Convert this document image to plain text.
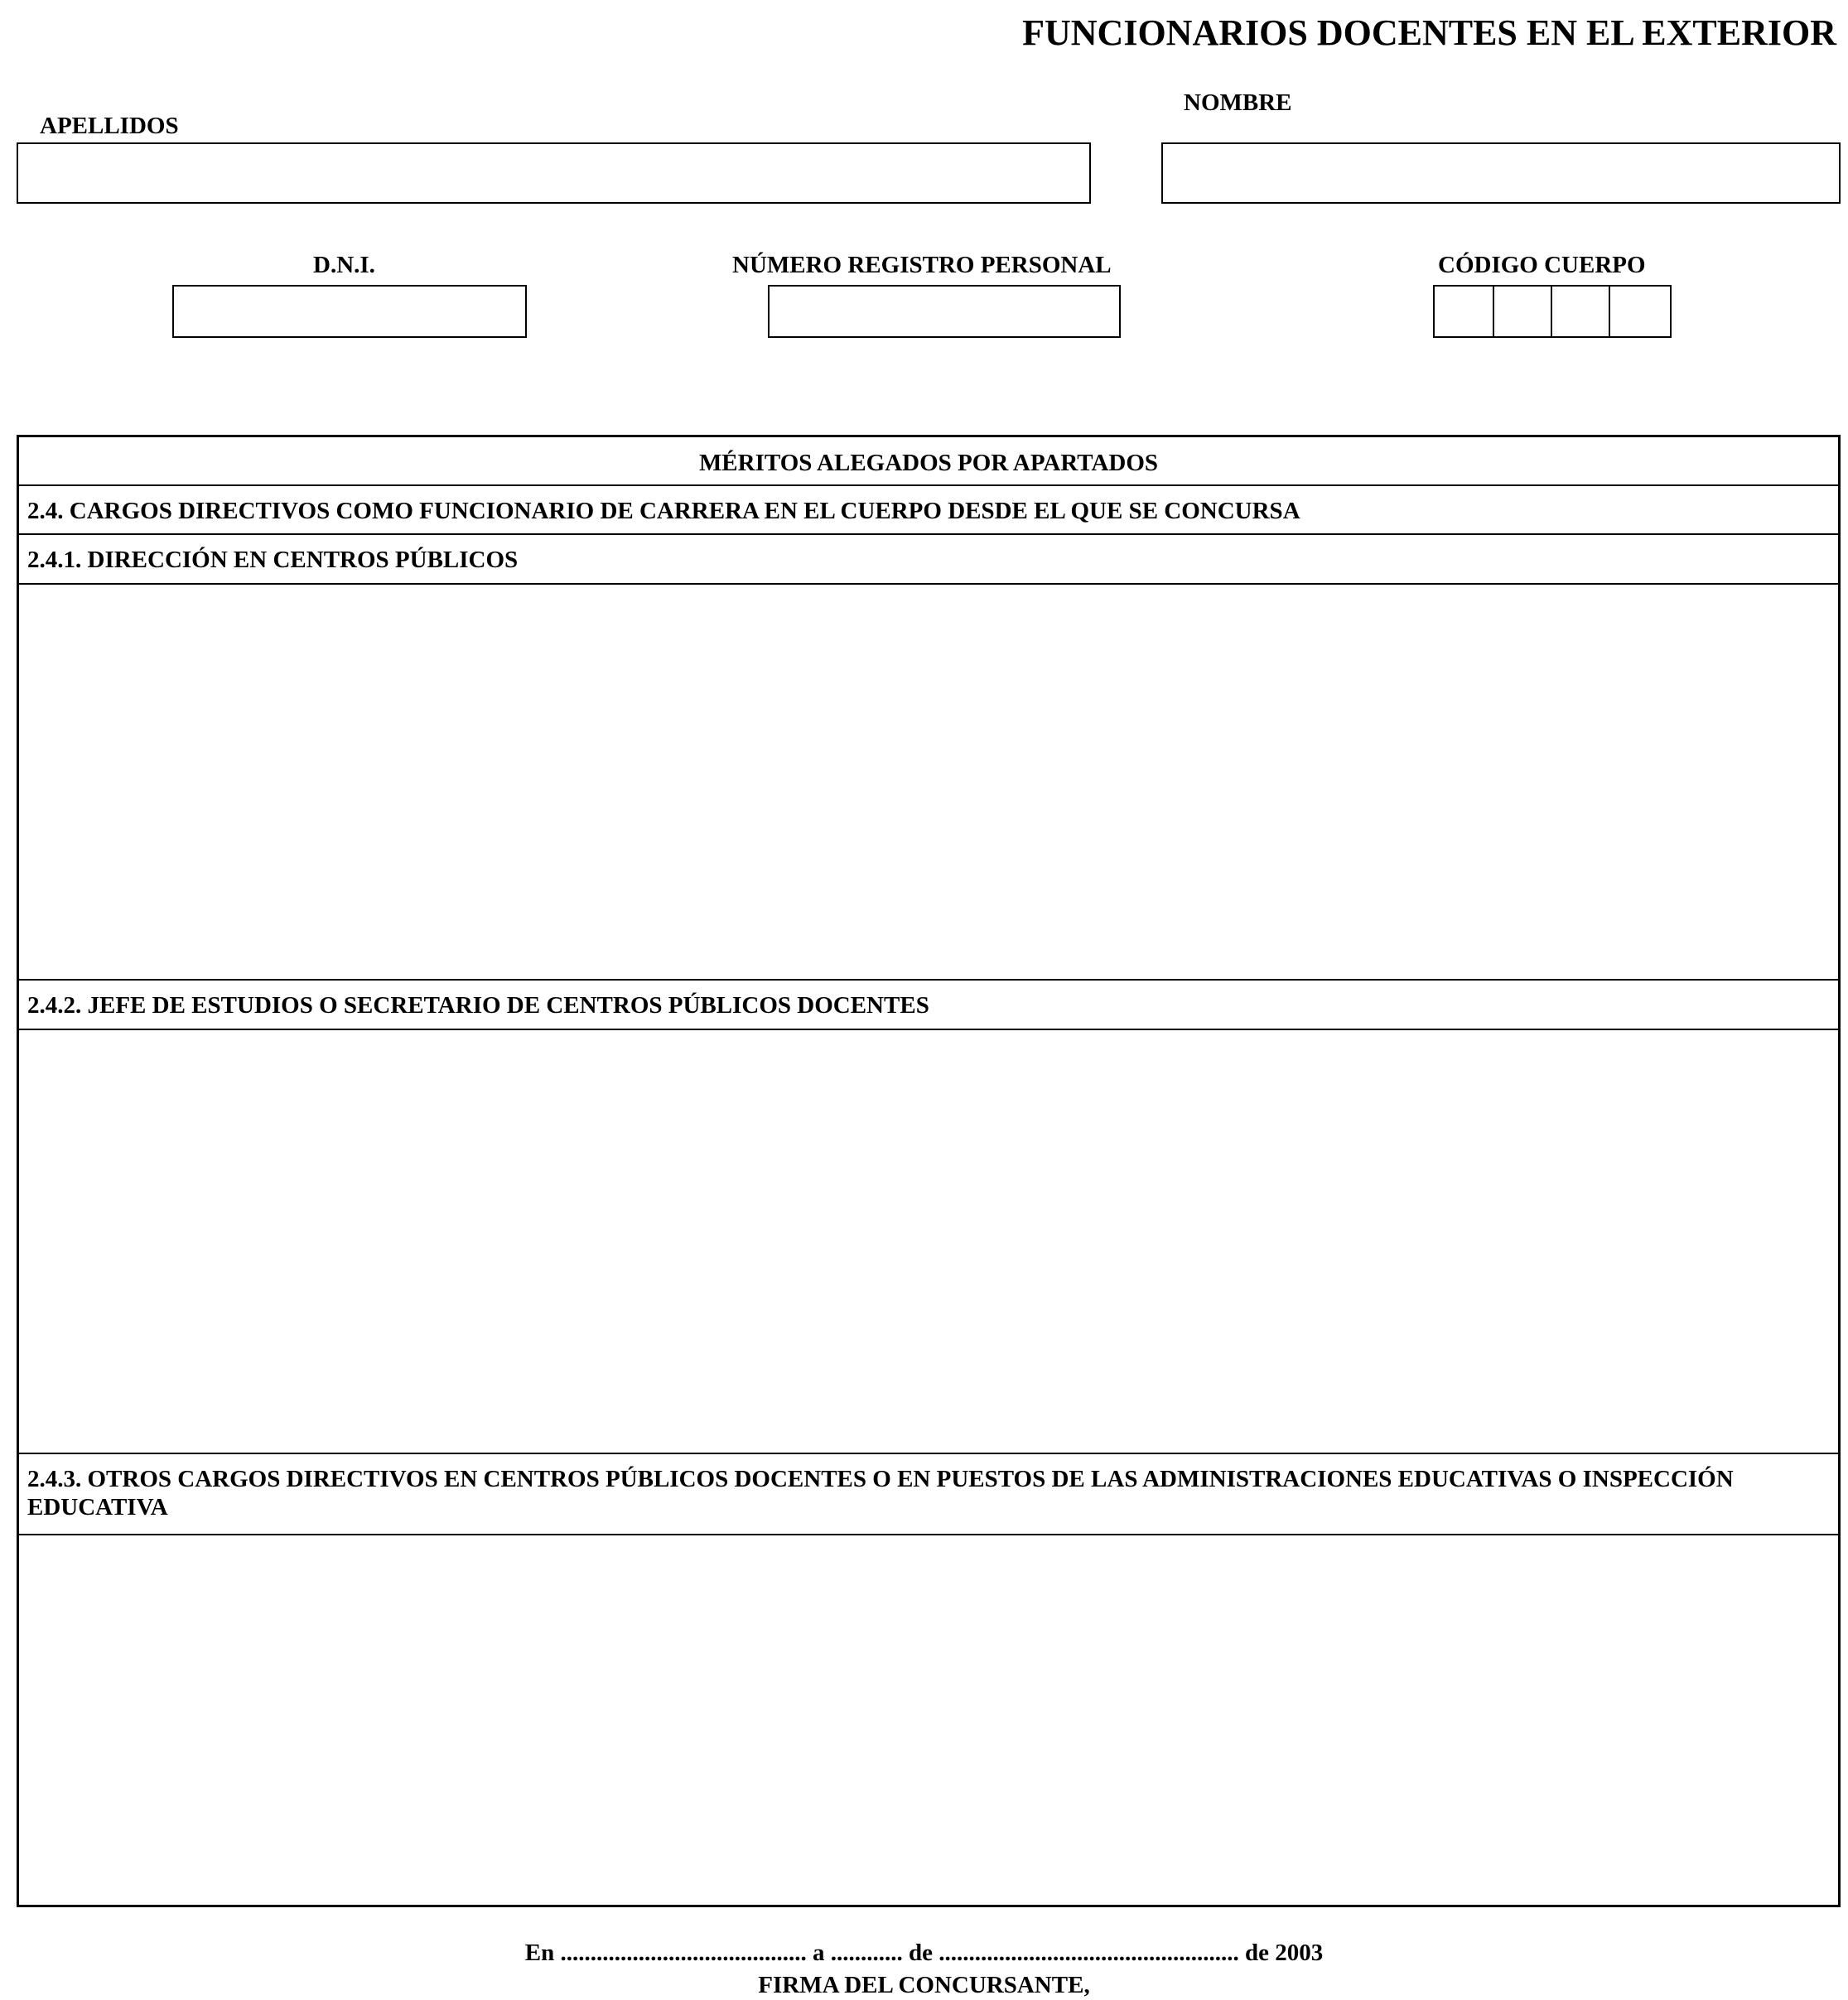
FUNCIONARIOS DOCENTES EN EL EXTERIOR
APELLIDOS
NOMBRE
D.N.I.	NÚMERO REGISTRO PERSONAL	CÓDIGO CUERPO
MÉRITOS ALEGADOS POR APARTADOS
2.4. CARGOS DIRECTIVOS COMO FUNCIONARIO DE CARRERA EN EL CUERPO DESDE EL QUE SE CONCURSA
2.4.1. DIRECCIÓN EN CENTROS PÚBLICOS
2.4.2. JEFE DE ESTUDIOS O SECRETARIO DE CENTROS PÚBLICOS DOCENTES
2.4.3. OTROS CARGOS DIRECTIVOS EN CENTROS PÚBLICOS DOCENTES O EN PUESTOS DE LAS ADMINISTRACIONES EDUCATIVAS O INSPECCIÓN EDUCATIVA
En ......................................... a ............ de .................................................. de 2003
FIRMA DEL CONCURSANTE,
